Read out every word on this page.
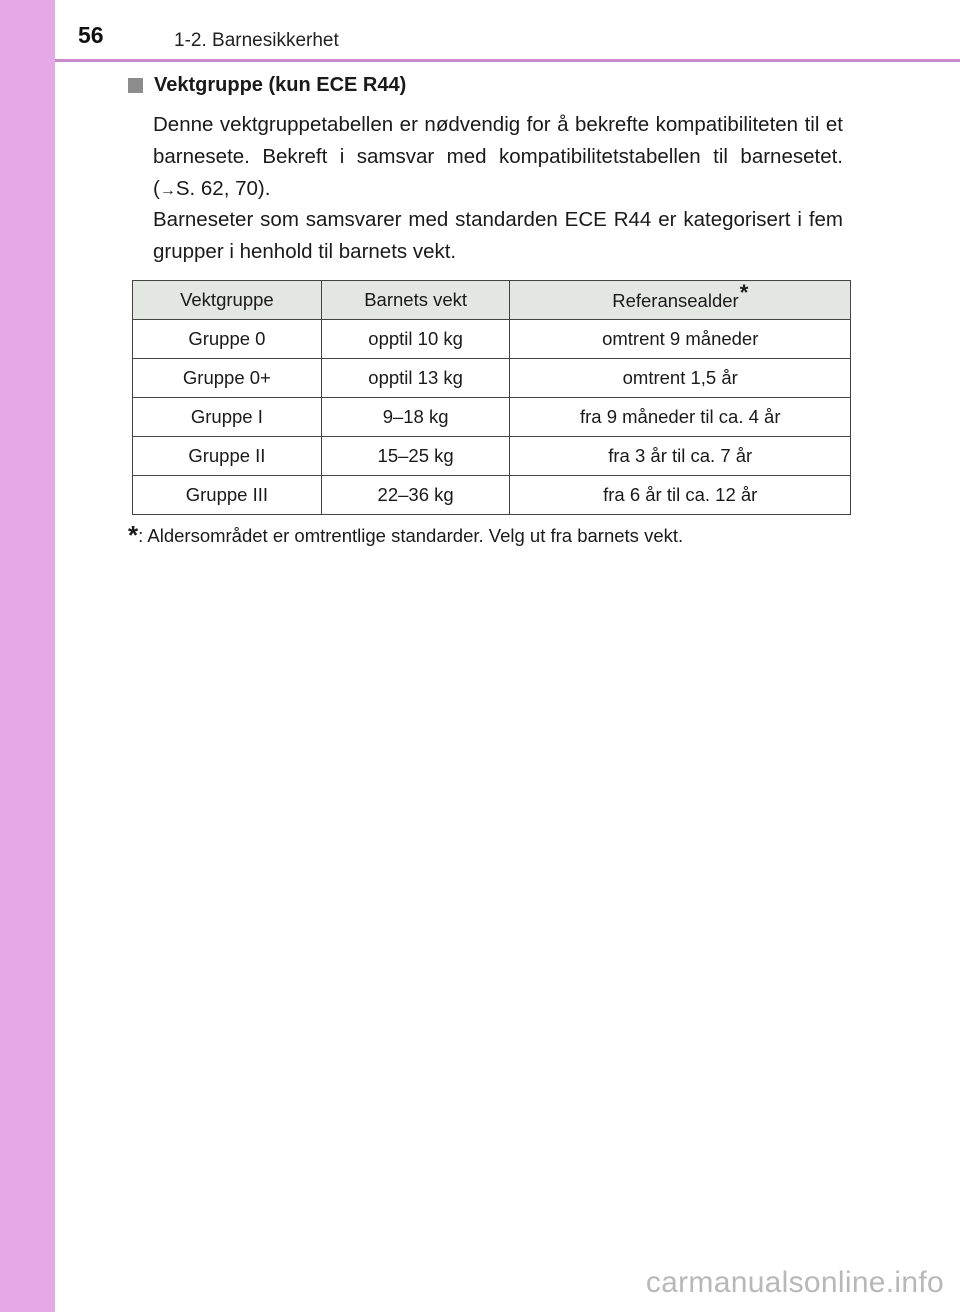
56	1-2. Barnesikkerhet
Vektgruppe (kun ECE R44)
Denne vektgruppetabellen er nødvendig for å bekrefte kompatibiliteten til et barnesete. Bekreft i samsvar med kompatibilitetstabellen til barnesetet. (→S. 62, 70).
Barneseter som samsvarer med standarden ECE R44 er kategorisert i fem grupper i henhold til barnets vekt.
Vektgruppe	Barnets vekt	Referansealder*
Gruppe 0	opptil 10 kg	omtrent 9 måneder
Gruppe 0+	opptil 13 kg	omtrent 1,5 år
Gruppe I	9–18 kg	fra 9 måneder til ca. 4 år
Gruppe II	15–25 kg	fra 3 år til ca. 7 år
Gruppe III	22–36 kg	fra 6 år til ca. 12 år
*: Aldersområdet er omtrentlige standarder. Velg ut fra barnets vekt.
carmanualsonline.info
